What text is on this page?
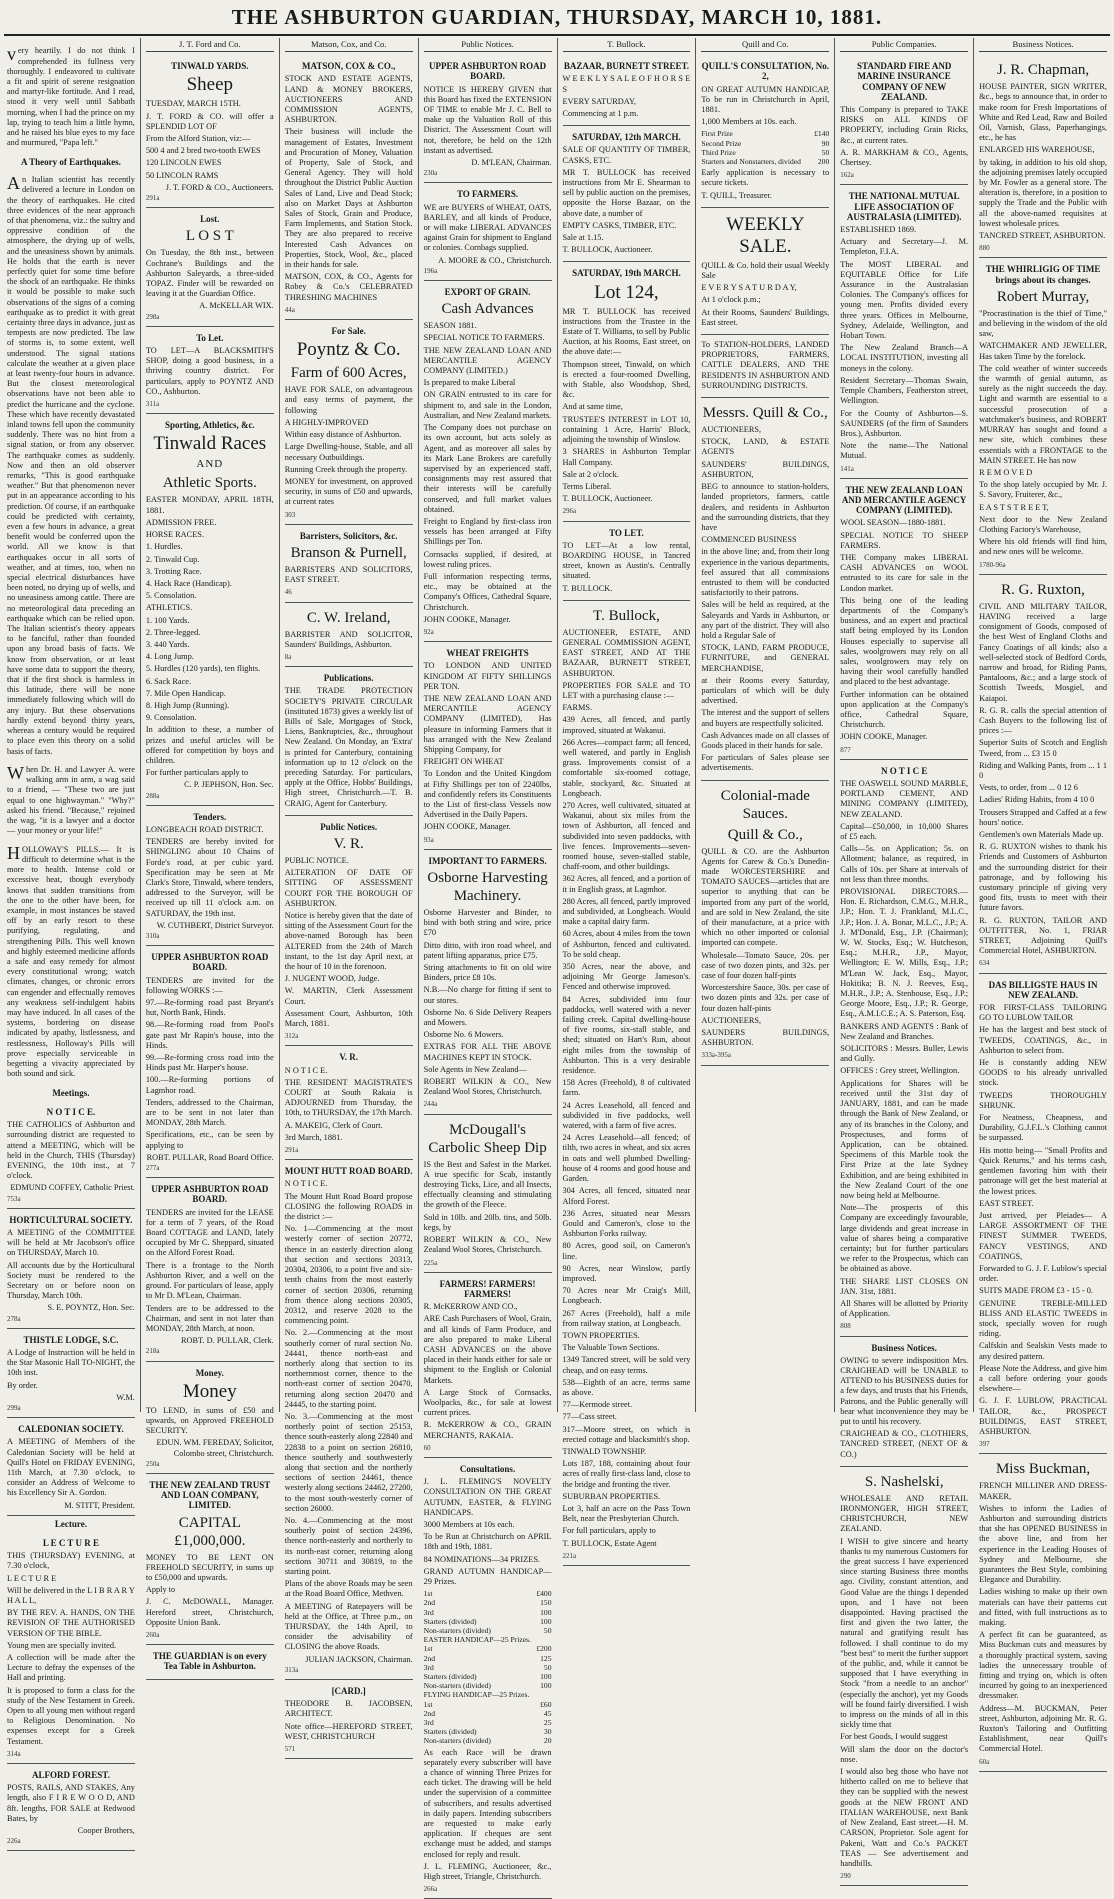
THE ASHBURTON GUARDIAN, THURSDAY, MARCH 10, 1881.

very heartily. I do not think I comprehended its fullness very thoroughly. I endeavored to cultivate a fit and spirit of serene resignation and martyr-like fortitude. And I read, stood it very well until Sabbath morning, when I had the prince on my lap, trying to teach him a little hymn, and he raised his blue eyes to my face and murmured, "Papa left."

A Theory of Earthquakes.

An Italian scientist has recently delivered a lecture in London on the theory of earthquakes. He cited three evidences of the near approach of that phenomena, viz.: the sultry and oppressive condition of the atmosphere, the drying up of wells, and the uneasiness shown by animals. He holds that the earth is never perfectly quiet for some time before the shock of an earthquake. He thinks it would be possible to make such observations of the signs of a coming earthquake as to predict it with great certainty three days in advance, just as tempests are now predicted. The law of storms is, to some extent, well understood. The signal stations calculate the weather at a given place at least twenty-four hours in advance. But the closest meteorological observations have not been able to predict the hurricane and the cyclone. These which have recently devastated inland towns fell upon the community suddenly. There was no hint from a signal station, or from any observer. The earthquake comes as suddenly. Now and then an old observer remarks, "This is good earthquake weather." But that phenomenon never put in an appearance according to his prediction. Of course, if an earthquake could be predicted with certainty, even a few hours in advance, a great benefit would be conferred upon the world. All we know is that earthquakes occur in all sorts of weather, and at times, too, when no special electrical disturbances have been noted, no drying up of wells, and no uneasiness among cattle. There are no meteorological data preceding an earthquake which can be relied upon. The Italian scientist's theory appears to be fanciful, rather than founded upon any broad basis of facts. We know from observation, or at least have some data to support the theory, that if the first shock is harmless in this latitude, there will be none immediately following which will do any injury. But these observations hardly extend beyond thirty years, whereas a century would be required to place even this theory on a solid basis of facts.

When Dr. H. and Lawyer A. were walking arm in arm, a wag said to a friend, — "These two are just equal to one highwayman." "Why?" asked his friend. "Because," rejoined the wag, "it is a lawyer and a doctor — your money or your life!"

HOLLOWAY'S PILLS.— It is difficult to determine what is the more to health. Intense cold or excessive heat, though everybody knows that sudden transitions from the one to the other have been, for example, in most instances be staved off by an early resort to these purifying, regulating, and strengthening Pills. This well known and highly esteemed medicine affords a safe and easy remedy for almost every constitutional wrong; watch climates, changes, or chronic errors can engender and effectually removes any weakness self-indulgent habits may have induced. In all cases of the systems, bordering on disease indicated by apathy, listlessness, and restlessness, Holloway's Pills will prove especially serviceable in begetting a vivacity appreciated by both sound and sick.

Meetings.
N O T I C E.

THE CATHOLICS of Ashburton and surrounding district are requested to attend a MEETING, which will be held in the Church, THIS (Thursday) EVENING, the 10th inst., at 7 o'clock.

EDMUND COFFEY, Catholic Priest.
753a
HORTICULTURAL SOCIETY.

A MEETING of the COMMITTEE will be held at Mr Jacobson's office on THURSDAY, March 10.

All accounts due by the Horticultural Society must be rendered to the Secretary on or before noon on Thursday, March 10th.

S. E. POYNTZ, Hon. Sec.
278a
THISTLE LODGE, S.C.

A Lodge of Instruction will be held in the Star Masonic Hall TO-NIGHT, the 10th inst.

By order.

W.M.
299a
CALEDONIAN SOCIETY.

A MEETING of Members of the Caledonian Society will be held at Quill's Hotel on FRIDAY EVENING, 11th March, at 7.30 o'clock, to consider an Address of Welcome to his Excellency Sir A. Gordon.

M. STITT, President.
Lecture.
L E C T U R E

THIS (THURSDAY) EVENING, at 7.30 o'clock,

L E C T U R E

Will be delivered in the L I B R A R Y H A L L,

BY THE REV. A. HANDS, ON THE REVISION OF THE AUTHORISED VERSION OF THE BIBLE.

Young men are specially invited.

A collection will be made after the Lecture to defray the expenses of the Hall and printing.

It is proposed to form a class for the study of the New Testament in Greek. Open to all young men without regard to Religious Denomination. No expenses except for a Greek Testament.

314a
ALFORD FOREST.

POSTS, RAILS, AND STAKES, Any length, also F I R E W O O D, AND 8ft. lengths, FOR SALE at Redwood Bates, by

Cooper Brothers,
226a
J. T. Ford and Co.
TINWALD YARDS.
Sheep

TUESDAY, MARCH 15TH.

J. T. FORD & CO. will offer a SPLENDID LOT OF

From the Alford Station, viz:—

500 4 and 2 bred two-tooth EWES

120 LINCOLN EWES

50 LINCOLN RAMS

J. T. FORD & CO., Auctioneers.
291a
Lost.
L O S T

On Tuesday, the 8th inst., between Cochrane's Buildings and the Ashburton Saleyards, a three-sided TOPAZ. Finder will be rewarded on leaving it at the Guardian Office.

A. McKELLAR WIX.
298a
To Let.

TO LET—A BLACKSMITH'S SHOP, doing a good business, in a thriving country district. For particulars, apply to POYNTZ AND CO., Ashburton.

311a
Sporting, Athletics, &c.
Tinwald Races
AND
Athletic Sports.

EASTER MONDAY, APRIL 18TH, 1881.

ADMISSION FREE.

HORSE RACES.

1. Hurdles.

2. Tinwald Cup.

3. Trotting Race.

4. Hack Race (Handicap).

5. Consolation.

ATHLETICS.

1. 100 Yards.

2. Three-legged.

3. 440 Yards.

4. Long Jump.

5. Hurdles (120 yards), ten flights.

6. Sack Race.

7. Mile Open Handicap.

8. High Jump (Running).

9. Consolation.

In addition to these, a number of prizes and useful articles will be offered for competition by boys and children.

For further particulars apply to

C. P. JEPHSON, Hon. Sec.
288a
Tenders.

LONGBEACH ROAD DISTRICT.

TENDERS are hereby invited for SHINGLING about 10 Chains of Forde's road, at per cubic yard. Specification may be seen at Mr Clark's Store, Tinwald, where tenders, addressed to the Surveyor, will be received up till 11 o'clock a.m. on SATURDAY, the 19th inst.

W. CUTHBERT, District Surveyor.
310a
UPPER ASHBURTON ROAD BOARD.

TENDERS are invited for the following WORKS :—

97.—Re-forming road past Bryant's hut, North Bank, Hinds.

98.—Re-forming road from Pool's gate past Mr Rapin's house, into the Hinds.

99.—Re-forming cross road into the Hinds past Mr. Harper's house.

100.—Re-forming portions of Lagmhor road.

Tenders, addressed to the Chairman, are to be sent in not later than MONDAY, 28th March.

Specifications, etc., can be seen by applying to

ROBT. PULLAR, Road Board Office.
277a
UPPER ASHBURTON ROAD BOARD.

TENDERS are invited for the LEASE for a term of 7 years, of the Road Board COTTAGE and LAND, lately occupied by Mr C. Sheppard, situated on the Alford Forest Road.

There is a frontage to the North Ashburton River, and a well on the ground. For particulars of lease, apply to Mr D. M'Lean, Chairman.

Tenders are to be addressed to the Chairman, and sent in not later than MONDAY, 28th March, at noon.

ROBT. D. PULLAR, Clerk.
218a
Money.
Money

TO LEND, in sums of £50 and upwards, on Approved FREEHOLD SECURITY.

EDUN. WM. FEREDAY, Solicitor, Colombo street, Christchurch.
250a
THE NEW ZEALAND TRUST AND LOAN COMPANY, LIMITED.
CAPITAL £1,000,000.

MONEY TO BE LENT ON FREEHOLD SECURITY, in sums up to £50,000 and upwards.

Apply to

J. C. McDOWALL, Manager. Hereford street, Christchurch, Opposite Union Bank.

260a
THE GUARDIAN is on every Tea Table in Ashburton.
Matson, Cox, and Co.
MATSON, COX & CO.,

STOCK AND ESTATE AGENTS, LAND & MONEY BROKERS, AUCTIONEERS AND COMMISSION AGENTS, ASHBURTON.

Their business will include the management of Estates, Investment and Procuration of Money, Valuation of Property, Sale of Stock, and General Agency. They will hold throughout the District Public Auction Sales of Land, Live and Dead Stock; also on Market Days at Ashburton Sales of Stock, Grain and Produce, Farm Implements, and Station Stock. They are also prepared to receive Interested Cash Advances on Properties, Stock, Wool, &c., placed in their hands for sale.

MATSON, COX, & CO., Agents for Robey & Co.'s CELEBRATED THRESHING MACHINES

44a
For Sale.
Poyntz & Co.
Farm of 600 Acres,

HAVE FOR SALE, on advantageous and easy terms of payment, the following

A HIGHLY-IMPROVED

Within easy distance of Ashburton.

Large Dwelling-house, Stable, and all necessary Outbuildings.

Running Creek through the property.

MONEY for investment, on approved security, in sums of £50 and upwards, at current rates

303
Barristers, Solicitors, &c.
Branson & Purnell,

BARRISTERS AND SOLICITORS, EAST STREET.

46
C. W. Ireland,

BARRISTER AND SOLICITOR, Saunders' Buildings, Ashburton.

8a
Publications.

THE TRADE PROTECTION SOCIETY'S PRIVATE CIRCULAR (instituted 1873) gives a weekly list of Bills of Sale, Mortgages of Stock, Liens, Bankruptcies, &c., throughout New Zealand. On Monday, an 'Extra' is printed for Canterbury, containing information up to 12 o'clock on the preceding Saturday. For particulars, apply at the Office, Hobbs' Buildings, High street, Christchurch.—T. B. CRAIG, Agent for Canterbury.

Public Notices.
V. R.

PUBLIC NOTICE.

ALTERATION OF DATE OF SITTING OF ASSESSMENT COURT FOR THE BOROUGH OF ASHBURTON.

Notice is hereby given that the date of sitting of the Assessment Court for the above-named Borough has been ALTERED from the 24th of March instant, to the 1st day April next, at the hour of 10 in the forenoon.

J. NUGENT WOOD, Judge.

W. MARTIN, Clerk Assessment Court.

Assessment Court, Ashburton, 10th March, 1881.

312a
V. R.

N O T I C E.

THE RESIDENT MAGISTRATE'S COURT at South Rakaia is ADJOURNED from Thursday, the 10th, to THURSDAY, the 17th March.

A. MAKEIG, Clerk of Court.

3rd March, 1881.

291a
MOUNT HUTT ROAD BOARD.

N O T I C E.

The Mount Hutt Road Board propose CLOSING the following ROADS in the district :—

No. 1—Commencing at the most westerly corner of section 20772, thence in an easterly direction along that section and sections 20313, 20304, 20306, to a point five and six-tenth chains from the most easterly corner of section 20306, returning from thence along sections 20305, 20312, and reserve 2028 to the commencing point.

No. 2.—Commencing at the most southerly corner of rural section No. 24441, thence north-east and northerly along that section to its northernmost corner, thence to the north-east corner of section 20470, returning along section 20470 and 24445, to the starting point.

No. 3.—Commencing at the most northerly point of section 25153, thence south-easterly along 22840 and 22838 to a point on section 26810, thence southerly and southwesterly along that section and the northerly sections of section 24461, thence westerly along sections 24462, 27200, to the most south-westerly corner of section 26000.

No. 4.—Commencing at the most southerly point of section 24396, thence north-easterly and northerly to its north-east corner, returning along sections 30711 and 30819, to the starting point.

Plans of the above Roads may be seen at the Road Board Office, Methven.

A MEETING of Ratepayers will be held at the Office, at Three p.m., on THURSDAY, the 14th April, to consider the advisability of CLOSING the above Roads.

JULIAN JACKSON, Chairman.
313a
[CARD.]

THEODORE B. JACOBSEN, ARCHITECT.

Note office—HEREFORD STREET, WEST, CHRISTCHURCH

571
Public Notices.
UPPER ASHBURTON ROAD BOARD.

NOTICE IS HEREBY GIVEN that this Board has fixed the EXTENSION OF TIME to enable Mr J. C. Bell to make up the Valuation Roll of this District. The Assessment Court will not, therefore, be held on the 12th instant as advertised.

D. M'LEAN, Chairman.
230a
TO FARMERS.

WE are BUYERS of WHEAT, OATS, BARLEY, and all kinds of Produce, or will make LIBERAL ADVANCES against Grain for shipment to England or colonies. Cornbags supplied.

A. MOORE & CO., Christchurch.
196a
EXPORT OF GRAIN.
Cash Advances

SEASON 1881.

SPECIAL NOTICE TO FARMERS.

THE NEW ZEALAND LOAN AND MERCANTILE AGENCY COMPANY (LIMITED.)

Is prepared to make Liberal

ON GRAIN entrusted to its care for shipment to, and sale in the London, Australian, and New Zealand markets.

The Company does not purchase on its own account, but acts solely as Agent, and as moreover all sales by its Mark Lane Brokers are carefully supervised by an experienced staff, consignments may rest assured that their interests will be carefully conserved, and full market values obtained.

Freight to England by first-class iron vessels has been arranged at Fifty Shillings per Ton.

Cornsacks supplied, if desired, at lowest ruling prices.

Full information respecting terms, etc., may be obtained at the Company's Offices, Cathedral Square, Christchurch.

JOHN COOKE, Manager.

92a
WHEAT FREIGHTS

TO LONDON AND UNITED KINGDOM AT FIFTY SHILLINGS PER TON.

THE NEW ZEALAND LOAN AND MERCANTILE AGENCY COMPANY (LIMITED), Has pleasure in informing Farmers that it has arranged with the New Zealand Shipping Company, for

FREIGHT ON WHEAT

To London and the United Kingdom at Fifty Shillings per ton of 2240lbs, and confidently refers its Constituents to the List of first-class Vessels now Advertised in the Daily Papers.

JOHN COOKE, Manager.

93a
IMPORTANT TO FARMERS.
Osborne Harvesting Machinery.

Osborne Harvester and Binder, to bind with both string and wire, price £70

Ditto ditto, with iron road wheel, and patent lifting apparatus, price £75.

String attachments to fit on old wire Binders, price £8 10s.

N.B.—No charge for fitting if sent to our stores.

Osborne No. 6 Side Delivery Reapers and Mowers.

Osborne No. 6 Mowers.

EXTRAS FOR ALL THE ABOVE MACHINES KEPT IN STOCK.

Sole Agents in New Zealand—

ROBERT WILKIN & CO., New Zealand Wool Stores, Christchurch.

244a
McDougall's Carbolic Sheep Dip

IS the Best and Safest in the Market. A true specific for Scab, instantly destroying Ticks, Lice, and all Insects, effectually cleansing and stimulating the growth of the Fleece.

Sold in 10lb. and 20lb. tins, and 50lb. kegs, by

ROBERT WILKIN & CO., New Zealand Wool Stores, Christchurch.

225a
FARMERS! FARMERS! FARMERS!

R. McKERROW AND CO.,

ARE Cash Purchasers of Wool, Grain, and all kinds of Farm Produce, and are also prepared to make Liberal CASH ADVANCES on the above placed in their hands either for sale or shipment to the English or Colonial Markets.

A Large Stock of Cornsacks, Woolpacks, &c., for sale at lowest current prices.

R. McKERROW & CO., GRAIN MERCHANTS, RAKAIA.

60
Consultations.

J. L. FLEMING'S NOVELTY CONSULTATION ON THE GREAT AUTUMN, EASTER, & FLYING HANDICAPS.

3000 Members at 10s each.

To be Run at Christchurch on APRIL 18th and 19th, 1881.

84 NOMINATIONS—34 PRIZES.

GRAND AUTUMN HANDICAP—29 Prizes.

1st	£400
2nd	150
3rd	100
Starters (divided)	100
Non-starters (divided)	50
EASTER HANDICAP—25 Prizes.	
1st	£200
2nd	125
3rd	50
Starters (divided)	100
Non-starters (divided)	100
FLYING HANDICAP—25 Prizes.	
1st	£60
2nd	45
3rd	25
Starters (divided)	30
Non-starters (divided)	20

As each Race will be drawn separately every subscriber will have a chance of winning Three Prizes for each ticket. The drawing will be held under the supervision of a committee of subscribers, and results advertised in daily papers. Intending subscribers are requested to make early application. If cheques are sent exchange must be added, and stamps enclosed for reply and result.

J. L. FLEMING, Auctioneer, &c., High street, Triangle, Christchurch.

266a
T. Bullock.
BAZAAR, BURNETT STREET.

W E E K L Y S A L E O F H O R S E S

EVERY SATURDAY,

Commencing at 1 p.m.

SATURDAY, 12th MARCH.

SALE OF QUANTITY OF TIMBER, CASKS, ETC.

MR T. BULLOCK has received instructions from Mr E. Shearman to sell by public auction on the premises, opposite the Horse Bazaar, on the above date, a number of

EMPTY CASKS, TIMBER, ETC.

Sale at 1.15.

T. BULLOCK, Auctioneer.

SATURDAY, 19th MARCH.
Lot 124,

MR T. BULLOCK has received instructions from the Trustee in the Estate of T. Williams, to sell by Public Auction, at his Rooms, East street, on the above date:—

Thompson street, Tinwald, on which is erected a four-roomed Dwelling, with Stable, also Woodshop, Shed, &c.

And at same time,

TRUSTEE'S INTEREST in LOT 10, containing 1 Acre, Harris' Block, adjoining the township of Winslow.

3 SHARES in Ashburton Templar Hall Company.

Sale at 2 o'clock.

Terms Liberal.

T. BULLOCK, Auctioneer.

296a
TO LET.

TO LET—At a low rental, BOARDING HOUSE, in Tancred street, known as Austin's. Centrally situated.

T. BULLOCK.

T. Bullock,

AUCTIONEER, ESTATE, AND GENERAL COMMISSION AGENT, EAST STREET, AND AT THE BAZAAR, BURNETT STREET, ASHBURTON.

PROPERTIES FOR SALE and TO LET with a purchasing clause :—

FARMS.

439 Acres, all fenced, and partly improved, situated at Wakanui.

266 Acres—compact farm; all fenced, well watered, and partly in English grass. Improvements consist of a comfortable six-roomed cottage, stable, stockyard, &c. Situated at Longbeach.

270 Acres, well cultivated, situated at Wakanui, about six miles from the town of Ashburton, all fenced and subdivided into seven paddocks, with live fences. Improvements—seven-roomed house, seven-stalled stable, chaff-room, and other buildings.

362 Acres, all fenced, and a portion of it in English grass, at Lagmhor.

280 Acres, all fenced, partly improved and subdivided, at Longbeach. Would make a capital dairy farm.

60 Acres, about 4 miles from the town of Ashburton, fenced and cultivated. To be sold cheap.

350 Acres, near the above, and adjoining Mr George Jameson's. Fenced and otherwise improved.

84 Acres, subdivided into four paddocks, well watered with a never failing creek. Capital dwelling-house of five rooms, six-stall stable, and shed; situated on Hart's Run, about eight miles from the township of Ashburton. This is a very desirable residence.

158 Acres (Freehold), 8 of cultivated farm.

24 Acres Leasehold, all fenced and subdivided in five paddocks, well watered, with a farm of five acres.

24 Acres Leasehold—all fenced; of tilth, two acres in wheat, and six acres in oats and well plumbed Dwelling-house of 4 rooms and good house and Garden.

304 Acres, all fenced, situated near Alford Forest.

236 Acres, situated near Messrs Gould and Cameron's, close to the Ashburton Forks railway.

80 Acres, good soil, on Cameron's line.

90 Acres, near Winslow, partly improved.

70 Acres near Mr Craig's Mill, Longbeach.

267 Acres (Freehold), half a mile from railway station, at Longbeach.

TOWN PROPERTIES.

The Valuable Town Sections.

1349 Tancred street, will be sold very cheap, and on easy terms.

538—Eighth of an acre, terms same as above.

77—Kermode street.

77—Cass street.

317—Moore street, on which is erected cottage and blacksmith's shop.

TINWALD TOWNSHIP.

Lots 187, 188, containing about four acres of really first-class land, close to the bridge and fronting the river.

SUBURBAN PROPERTIES.

Lot 3, half an acre on the Pass Town Belt, near the Presbyterian Church.

For full particulars, apply to

T. BULLOCK, Estate Agent

221a
Quill and Co.
QUILL'S CONSULTATION, No. 2,

ON GREAT AUTUMN HANDICAP, To be run in Christchurch in April, 1881.

1,000 Members at 10s. each.

First Prize	£140
Second Prize	90
Third Prize	50
Starters and Nonstarters, divided	200

Early application is necessary to secure tickets.

T. QUILL, Treasurer.

WEEKLY SALE.

QUILL & Co. hold their usual Weekly Sale

E V E R Y S A T U R D A Y,

At 1 o'clock p.m.;

At their Rooms, Saunders' Buildings, East street.

To STATION-HOLDERS, LANDED PROPRIETORS, FARMERS, CATTLE DEALERS, AND THE RESIDENTS IN ASHBURTON AND SURROUNDING DISTRICTS.

Messrs. Quill & Co.,

AUCTIONEERS,

STOCK, LAND, & ESTATE AGENTS

SAUNDERS' BUILDINGS, ASHBURTON,

BEG to announce to station-holders, landed proprietors, farmers, cattle dealers, and residents in Ashburton and the surrounding districts, that they have

COMMENCED BUSINESS

in the above line; and, from their long experience in the various departments, feel assured that all commissions entrusted to them will be conducted satisfactorily to their patrons.

Sales will be held as required, at the Saleyards and Yards in Ashburton, or any part of the district. They will also hold a Regular Sale of

STOCK, LAND, FARM PRODUCE, FURNITURE, and GENERAL MERCHANDISE,

at their Rooms every Saturday, particulars of which will be duly advertised.

The interest and the support of sellers and buyers are respectfully solicited.

Cash Advances made on all classes of Goods placed in their hands for sale.

For particulars of Sales please see advertisements.

Colonial-made Sauces.
Quill & Co.,

QUILL & CO. are the Ashburton Agents for Carew & Co.'s Dunedin-made WORCESTERSHIRE and TOMATO SAUCES—articles that are superior to anything that can be imported from any part of the world, and are sold in New Zealand, the site of their manufacture, at a price with which no other imported or colonial imported can compete.

Wholesale—Tomato Sauce, 20s. per case of two dozen pints, and 32s. per case of four dozen half-pints

Worcestershire Sauce, 30s. per case of two dozen pints and 32s. per case of four dozen half-pints

AUCTIONEERS,

SAUNDERS BUILDINGS, ASHBURTON.

333a-395a
Public Companies.
STANDARD FIRE AND MARINE INSURANCE COMPANY OF NEW ZEALAND.

This Company is prepared to TAKE RISKS on ALL KINDS OF PROPERTY, including Grain Ricks, &c., at current rates.

A. R. MARKHAM & CO., Agents, Chertsey.

162a
THE NATIONAL MUTUAL LIFE ASSOCIATION OF AUSTRALASIA (LIMITED).

ESTABLISHED 1869.

Actuary and Secretary—J. M. Templeton, F.I.A.

The MOST LIBERAL and EQUITABLE Office for Life Assurance in the Australasian Colonies. The Company's offices for young men. Profits divided every three years. Offices in Melbourne, Sydney, Adelaide, Wellington, and Hobart Town.

The New Zealand Branch—A LOCAL INSTITUTION, investing all moneys in the colony.

Resident Secretary—Thomas Swain, Temple Chambers, Featherston street, Wellington.

For the County of Ashburton—S. SAUNDERS (of the firm of Saunders Bros.), Ashburton.

Note the name—The National Mutual.

141a
THE NEW ZEALAND LOAN AND MERCANTILE AGENCY COMPANY (LIMITED).

WOOL SEASON—1880-1881.

SPECIAL NOTICE TO SHEEP FARMERS.

THE Company makes LIBERAL CASH ADVANCES on WOOL entrusted to its care for sale in the London market.

This being one of the leading departments of the Company's business, and an expert and practical staff being employed by its London Houses especially to supervise all sales, woolgrowers may rely on all sales, woolgrowers may rely on having their wool carefully handled and placed to the best advantage.

Further information can be obtained upon application at the Company's office, Cathedral Square, Christchurch.

JOHN COOKE, Manager.

877
N O T I C E

THE OASWELL SOUND MARBLE, PORTLAND CEMENT, AND MINING COMPANY (LIMITED), NEW ZEALAND.

Capital—£50,000, in 10,000 Shares of £5 each.

Calls—5s. on Application; 5s. on Allotment; balance, as required, in Calls of 10s. per Share at intervals of not less than three months.

PROVISIONAL DIRECTORS.—Hon. E. Richardson, C.M.G., M.H.R., J.P.; Hon. T. J. Frankland, M.L.C., J.P.; Hon. J. A. Bonar, M.L.C., J.P.; A. J. M'Donald, Esq., J.P. (Chairman); W. W. Stocks, Esq.; W. Hutcheson, Esq.; M.H.R., J.P., Mayor, Wellington; E. W. Mills, Esq., J.P.; M'Lean W. Jack, Esq., Mayor, Hokitika; B. N. J. Reeves, Esq., M.H.R., J.P.; A. Stenhouse, Esq., J.P.; George Moore, Esq., J.P.; R. George, Esq., A.M.I.C.E.; A. S. Paterson, Esq.

BANKERS AND AGENTS : Bank of New Zealand and Branches.

SOLICITORS : Messrs. Buller, Lewis and Gully.

OFFICES : Grey street, Wellington.

Applications for Shares will be received until the 31st day of JANUARY, 1881, and can be made through the Bank of New Zealand, or any of its branches in the Colony, and Prospectuses, and forms of Application, can be obtained. Specimens of this Marble took the First Prize at the late Sydney Exhibition, and are being exhibited in the New Zealand Court of the one now being held at Melbourne.

Note—The prospects of this Company are exceedingly favourable, large dividends and great increase in value of shares being a comparative certainty; but for further particulars we refer to the Prospectus, which can be obtained as above.

THE SHARE LIST CLOSES ON JAN. 31st, 1881.

All Shares will be allotted by Priority of Application.

808
Business Notices.

OWING to severe indisposition Mrs. CRAIGHEAD will be UNABLE to ATTEND to his BUSINESS duties for a few days, and trusts that his Friends, Patrons, and the Public generally will bear what inconvenience they may be put to until his recovery.

CRAIGHEAD & CO., CLOTHIERS, TANCRED STREET, (NEXT OF & CO.)

S. Nashelski,

WHOLESALE AND RETAIL IRONMONGER, HIGH STREET, CHRISTCHURCH, NEW ZEALAND.

I WISH to give sincere and hearty thanks to my numerous Customers for the great success I have experienced since starting Business three months ago. Civility, constant attention, and Good Value are the things I depended upon, and I have not been disappointed. Having practised the first and given the two latter, the natural and gratifying result has followed. I shall continue to do my "best best" to merit the further support of the public, and, while it cannot be supposed that I have everything in Stock "from a needle to an anchor" (especially the anchor), yet my Goods will be found fairly diversified. I wish to impress on the minds of all in this sickly time that

For best Goods, I would suggest

Will slam the door on the doctor's nose.

I would also beg those who have not hitherto called on me to believe that they can be supplied with the newest goods at the NEW FRONT AND ITALIAN WAREHOUSE, next Bank of New Zealand, East street.—H. M. CARSON, Proprietor. Sole agent for Pakeni, Watt and Co.'s PACKET TEAS — See advertisement and handbills.

290
Business Notices.
J. R. Chapman,

HOUSE PAINTER, SIGN WRITER, &c., begs to announce that, in order to make room for Fresh Importations of White and Red Lead, Raw and Boiled Oil, Varnish, Glass, Paperhangings, etc., he has

ENLARGED HIS WAREHOUSE,

by taking, in addition to his old shop, the adjoining premises lately occupied by Mr. Fowler as a general store. The alteration is, therefore, in a position to supply the Trade and the Public with all the above-named requisites at lowest wholesale prices.

TANCRED STREET, ASHBURTON.

880
THE WHIRLIGIG OF TIME brings about its changes.
Robert Murray,

"Procrastination is the thief of Time," and believing in the wisdom of the old saw,

WATCHMAKER AND JEWELLER, Has taken Time by the forelock.

The cold weather of winter succeeds the warmth of genial autumn, as surely as the night succeeds the day. Light and warmth are essential to a successful prosecution of a watchmaker's business, and ROBERT MURRAY has sought and found a new site, which combines these essentials with a FRONTAGE to the MAIN STREET. He has now

R E M O V E D

To the shop lately occupied by Mr. J. S. Savory, Fruiterer, &c.,

E A S T S T R E E T,

Next door to the New Zealand Clothing Factory's Warehouse,

Where his old friends will find him, and new ones will be welcome.

1780-96a
R. G. Ruxton,

CIVIL AND MILITARY TAILOR, HAVING received a large consignment of Goods, composed of the best West of England Cloths and Fancy Coatings of all kinds; also a well-selected stock of Bedford Cords, narrow and broad, for Riding Pants, Pantaloons, &c.; and a large stock of Scottish Tweeds, Mosgiel, and Kaiapoi.

R. G. R. calls the special attention of Cash Buyers to the following list of prices :—

Superior Suits of Scotch and English Tweed, from ... £3 15 0

Riding and Walking Pants, from ... 1 1 0

Vests, to order, from ... 0 12 6

Ladies' Riding Habits, from 4 10 0

Trousers Strapped and Caffed at a few hours' notice.

Gentlemen's own Materials Made up.

R. G. RUXTON wishes to thank his Friends and Customers of Ashburton and the surrounding district for their patronage, and by following his customary principle of giving very good fits, trusts to meet with their future favors.

R. G. RUXTON, TAILOR AND OUTFITTER, No. 1, FRIAR STREET, Adjoining Quill's Commercial Hotel, ASHBURTON.

634
DAS BILLIGSTE HAUS IN NEW ZEALAND.

FOR FIRST-CLASS TAILORING GO TO LUBLOW TAILOR

He has the largest and best stock of TWEEDS, COATINGS, &c., in Ashburton to select from.

He is constantly adding NEW GOODS to his already unrivalled stock.

TWEEDS THOROUGHLY SHRUNK.

For Neatness, Cheapness, and Durability, G.J.F.L.'s Clothing cannot be surpassed.

His motto being— "Small Profits and Quick Returns," and his terms cash, gentlemen favoring him with their patronage will get the best material at the lowest prices.

EAST STREET.

Just arrived, per Pleiades— A LARGE ASSORTMENT OF THE FINEST SUMMER TWEEDS, FANCY VESTINGS, AND COATINGS,

Forwarded to G. J. F. Lublow's special order.

SUITS MADE FROM £3 - 15 - 0.

GENUINE TREBLE-MILLED BLISS AND ELASTIC TWEEDS in stock, specially woven for rough riding.

Calfskin and Sealskin Vests made to any desired pattern.

Please Note the Address, and give him a call before ordering your goods elsewhere—

G. J. F. LUBLOW, PRACTICAL TAILOR, &c., PROSPECT BUILDINGS, EAST STREET, ASHBURTON.

397
Miss Buckman,

FRENCH MILLINER AND DRESS-MAKER,

Wishes to inform the Ladies of Ashburton and surrounding districts that she has OPENED BUSINESS in the above line, and from her experience in the Leading Houses of Sydney and Melbourne, she guarantees the Best Style, combining Elegance and Durability.

Ladies wishing to make up their own materials can have their patterns cut and fitted, with full instructions as to making.

A perfect fit can be guaranteed, as Miss Buckman cuts and measures by a thoroughly practical system, saving ladies the unnecessary trouble of fitting and trying on, which is often incurred by going to an inexperienced dressmaker.

Address—M. BUCKMAN, Peter street, Ashburton, adjoining Mr. R. G. Ruxton's Tailoring and Outfitting Establishment, near Quill's Commercial Hotel.

60a
